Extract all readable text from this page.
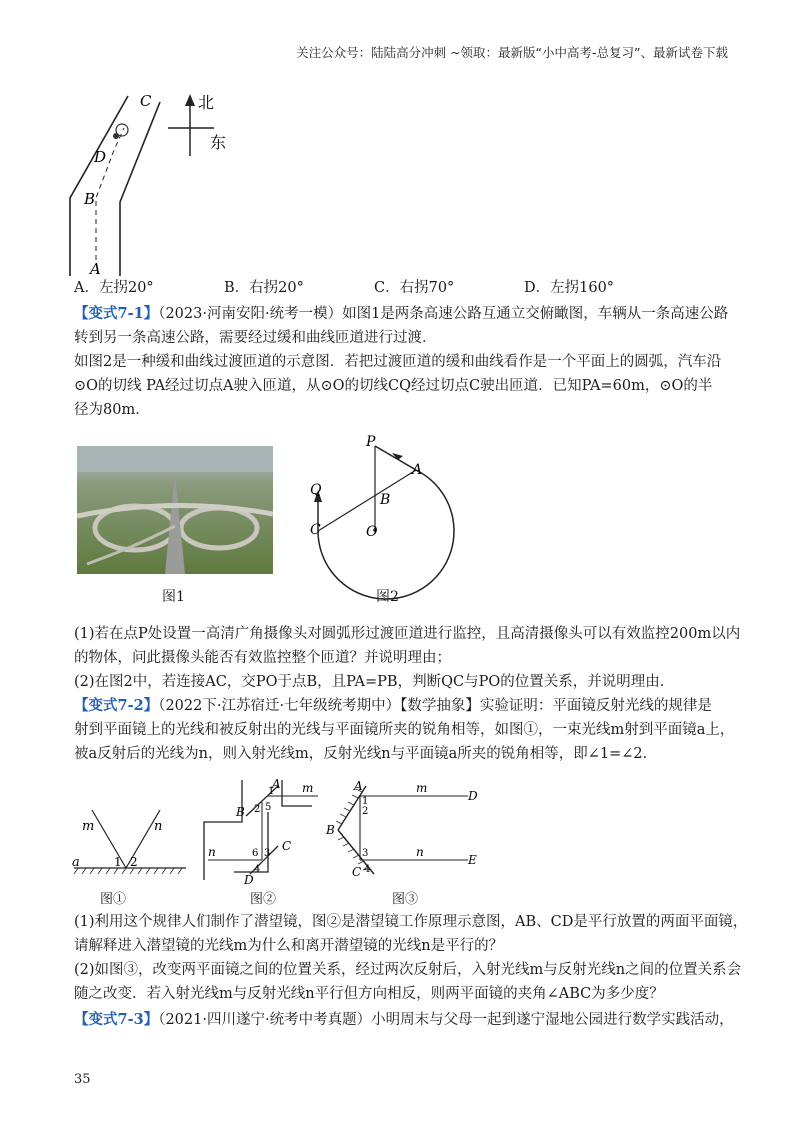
关注公众号：陆陆高分冲刺 ~领取：最新版“小中高考-总复习”、最新试卷下载
C
D
B
A
北
东
A．左拐20°	B．右拐20°	C．右拐70°	D．左拐160°
【变式7-1】（2023·河南安阳·统考一模）如图1是两条高速公路互通立交俯瞰图，车辆从一条高速公路
转到另一条高速公路，需要经过缓和曲线匝道进行过渡．
如图2是一种缓和曲线过渡匝道的示意图．若把过渡匝道的缓和曲线看作是一个平面上的圆弧，汽车沿
⊙O的切线 PA经过切点A驶入匝道，从⊙O的切线CQ经过切点C驶出匝道．已知PA=60m，⊙O的半
径为80m．
图1
P
A
Q
B
C	O
图2
(1)若在点P处设置一高清广角摄像头对圆弧形过渡匝道进行监控，且高清摄像头可以有效监控200m以内
的物体，问此摄像头能否有效监控整个匝道？并说明理由；
(2)在图2中，若连接AC，交PO于点B，且PA=PB，判断QC与PO的位置关系，并说明理由．
【变式7-2】（2022下·江苏宿迁·七年级统考期中）【数学抽象】实验证明：平面镜反射光线的规律是
射到平面镜上的光线和被反射出的光线与平面镜所夹的锐角相等，如图①，一束光线m射到平面镜a上，
被a反射后的光线为n，则入射光线m，反射光线n与平面镜a所夹的锐角相等，即∠1=∠2．
m	n
a	1 2
图①
A
B
C
D
m
n
1
2 5
6 3
4
图②
A
B
C
D
E
m
n
1
2
3
4
图③
(1)利用这个规律人们制作了潜望镜，图②是潜望镜工作原理示意图，AB、CD是平行放置的两面平面镜，
请解释进入潜望镜的光线m为什么和离开潜望镜的光线n是平行的？
(2)如图③，改变两平面镜之间的位置关系，经过两次反射后，入射光线m与反射光线n之间的位置关系会
随之改变．若入射光线m与反射光线n平行但方向相反，则两平面镜的夹角∠ABC为多少度？
【变式7-3】（2021·四川遂宁·统考中考真题）小明周末与父母一起到遂宁湿地公园进行数学实践活动，
35
